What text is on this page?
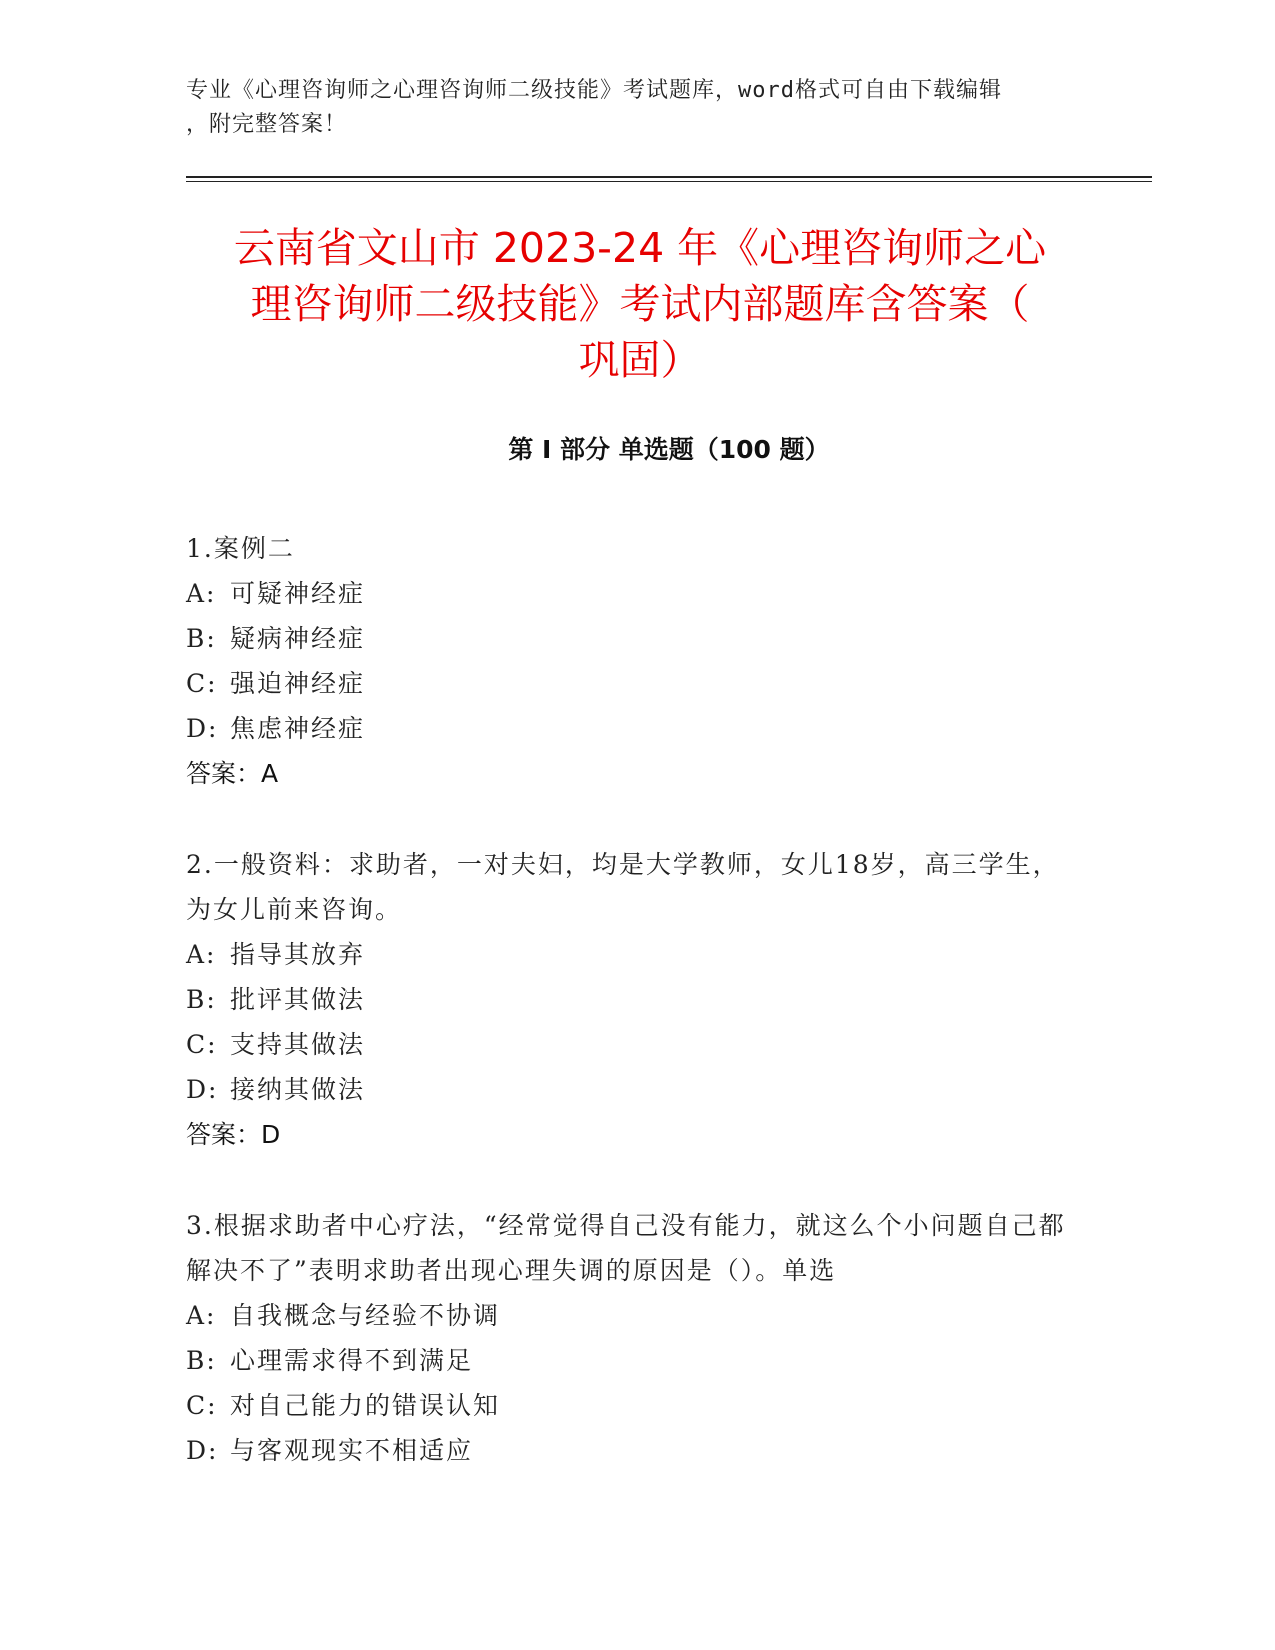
专业《心理咨询师之心理咨询师二级技能》考试题库，word格式可自由下载编辑
，附完整答案！
云南省文山市 2023-24 年《心理咨询师之心
理咨询师二级技能》考试内部题库含答案（
巩固）
第 I 部分 单选题（100 题）
1.案例二
A: 可疑神经症
B: 疑病神经症
C: 强迫神经症
D: 焦虑神经症
答案：A
2.一般资料：求助者，一对夫妇，均是大学教师，女儿18岁，高三学生，为女儿前来咨询。
A: 指导其放弃
B: 批评其做法
C: 支持其做法
D: 接纳其做法
答案：D
3.根据求助者中心疗法，“经常觉得自己没有能力，就这么个小问题自己都解决不了”表明求助者出现心理失调的原因是（）。单选
A: 自我概念与经验不协调
B: 心理需求得不到满足
C: 对自己能力的错误认知
D: 与客观现实不相适应
